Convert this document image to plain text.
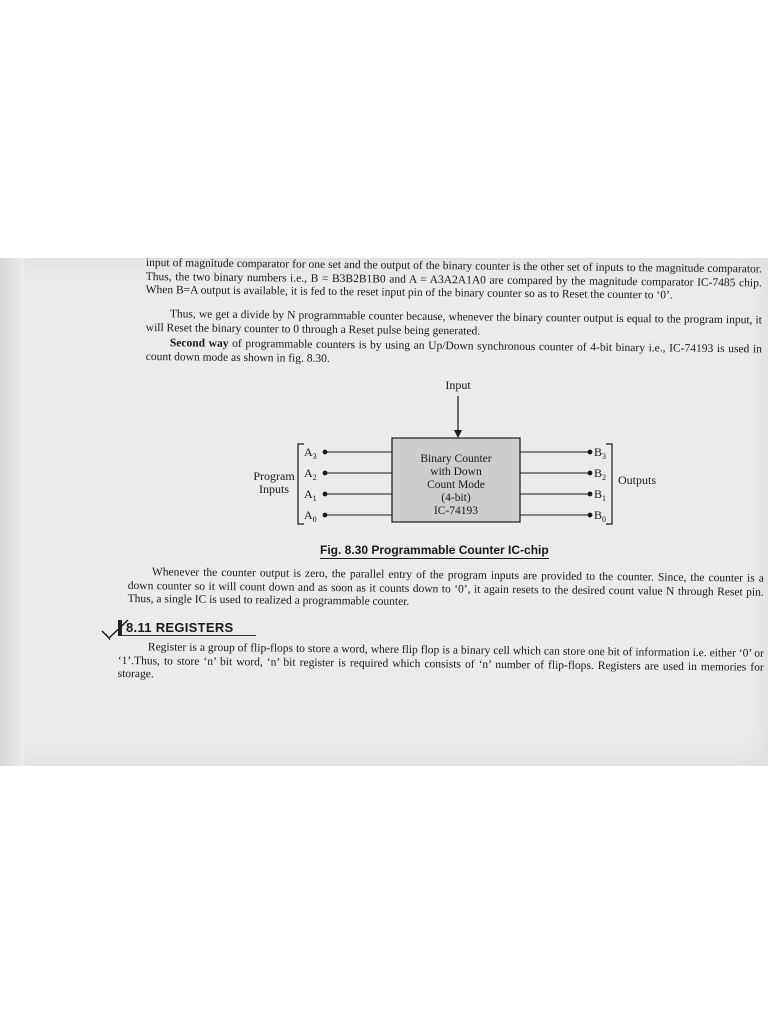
input of magnitude comparator for one set and the output of the binary counter is the other set of inputs to the magnitude comparator. Thus, the two binary numbers i.e., B = B3B2B1B0 and A = A3A2A1A0 are compared by the magnitude comparator IC-7485 chip. When B=A output is available, it is fed to the reset input pin of the binary counter so as to Reset the counter to ‘0’.
Thus, we get a divide by N programmable counter because, whenever the binary counter output is equal to the program input, it will Reset the binary counter to 0 through a Reset pulse being generated.
Second way of programmable counters is by using an Up/Down synchronous counter of 4-bit binary i.e., IC-74193 is used in count down mode as shown in fig. 8.30.
Input
Binary Counter
with Down
Count Mode
(4-bit)
IC-74193
Program
Inputs
$A_3$
$A_2$
$A_1$
$A_0$
Outputs
$B_3$
$B_2$
$B_1$
$B_0$
Fig. 8.30 Programmable Counter IC-chip
Whenever the counter output is zero, the parallel entry of the program inputs are provided to the counter. Since, the counter is a down counter so it will count down and as soon as it counts down to ‘0’, it again resets to the desired count value N through Reset pin. Thus, a single IC is used to realized a programmable counter.
8.11 REGISTERS
Register is a group of flip-flops to store a word, where flip flop is a binary cell which can store one bit of information i.e. either ‘0’ or ‘1’.Thus, to store ‘n’ bit word, ‘n’ bit register is required which consists of ‘n’ number of flip-flops. Registers are used in memories for storage.
